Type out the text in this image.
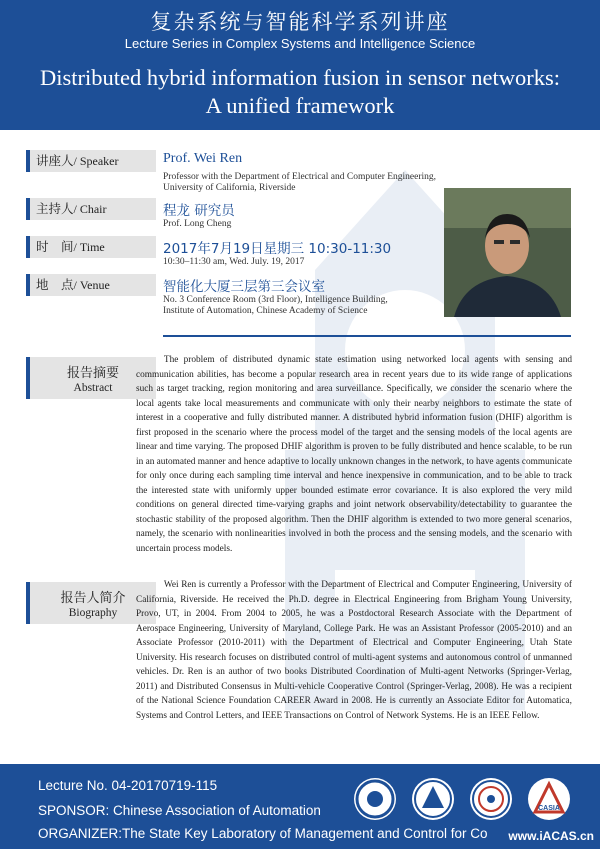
复杂系统与智能科学系列讲座
Lecture Series in Complex Systems and Intelligence Science
Distributed hybrid information fusion in sensor networks:
A unified framework
讲座人/ Speaker	Prof. Wei Ren
Professor with the Department of Electrical and Computer Engineering,
University of California, Riverside
主持人/ Chair	程龙 研究员
Prof. Long Cheng
时　间/ Time	2017年7月19日星期三 10:30-11:30
10:30–11:30 am, Wed. July. 19, 2017
地　点/ Venue	智能化大厦三层第三会议室
No. 3 Conference Room (3rd Floor), Intelligence Building,
Institute of Automation, Chinese Academy of Science
报告摘要
Abstract

The problem of distributed dynamic state estimation using networked local agents with sensing and communication abilities, has become a popular research area in recent years due to its wide range of applications such as target tracking, region monitoring and area surveillance. Specifically, we consider the scenario where the local agents take local measurements and communicate with only their nearby neighbors to estimate the state of interest in a cooperative and fully distributed manner. A distributed hybrid information fusion (DHIF) algorithm is first proposed in the scenario where the process model of the target and the sensing models of the local agents are linear and time varying. The proposed DHIF algorithm is proven to be fully distributed and hence scalable, to be run in an automated manner and hence adaptive to locally unknown changes in the network, to have agents communicate for only once during each sampling time interval and hence inexpensive in communication, and to be able to track the interested state with uniformly upper bounded estimate error covariance. It is also explored the very mild conditions on general directed time-varying graphs and joint network observability/detectability to guarantee the stochastic stability of the proposed algorithm. Then the DHIF algorithm is extended to two more general scenarios, namely, the scenario with nonlinearities involved in both the process and the sensing models, and the scenario with uncertain process models.

报告人简介
Biography

Wei Ren is currently a Professor with the Department of Electrical and Computer Engineering, University of California, Riverside. He received the Ph.D. degree in Electrical Engineering from Brigham Young University, Provo, UT, in 2004. From 2004 to 2005, he was a Postdoctoral Research Associate with the Department of Aerospace Engineering, University of Maryland, College Park. He was an Assistant Professor (2005-2010) and an Associate Professor (2010-2011) with the Department of Electrical and Computer Engineering, Utah State University. His research focuses on distributed control of multi-agent systems and autonomous control of unmanned vehicles. Dr. Ren is an author of two books Distributed Coordination of Multi-agent Networks (Springer-Verlag, 2011) and Distributed Consensus in Multi-vehicle Cooperative Control (Springer-Verlag, 2008). He was a recipient of the National Science Foundation CAREER Award in 2008. He is currently an Associate Editor for Automatica, Systems and Control Letters, and IEEE Transactions on Control of Network Systems. He is an IEEE Fellow.

Lecture No. 04-20170719-115
SPONSOR: Chinese Association of Automation
ORGANIZER:The State Key Laboratory of Management and Control for Co
CASIA
www.iACAS.cn
